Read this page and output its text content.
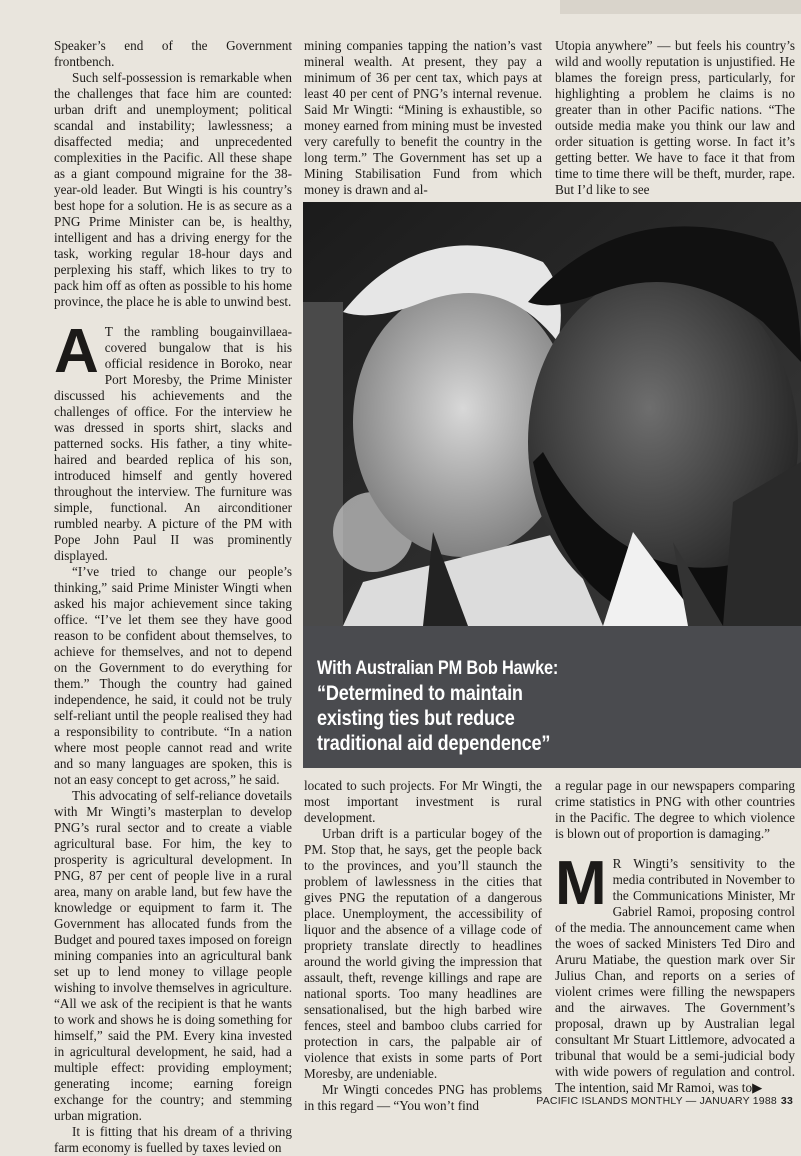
Speaker’s end of the Government frontbench.

Such self-possession is remarkable when the challenges that face him are counted: urban drift and unemployment; political scandal and instability; lawlessness; a disaffected media; and unprecedented complexities in the Pacific. All these shape as a giant compound migraine for the 38-year-old leader. But Wingti is his country’s best hope for a solution. He is as secure as a PNG Prime Minister can be, is healthy, intelligent and has a driving energy for the task, working regular 18-hour days and perplexing his staff, which likes to try to pack him off as often as possible to his home province, the place he is able to unwind best.

A T the rambling bougainvillaea-covered bungalow that is his official residence in Boroko, near Port Moresby, the Prime Minister discussed his achievements and the challenges of office. For the interview he was dressed in sports shirt, slacks and patterned socks. His father, a tiny white-haired and bearded replica of his son, introduced himself and gently hovered throughout the interview. The furniture was simple, functional. An airconditioner rumbled nearby. A picture of the PM with Pope John Paul II was prominently displayed.

“I’ve tried to change our people’s thinking,” said Prime Minister Wingti when asked his major achievement since taking office. “I’ve let them see they have good reason to be confident about themselves, to achieve for themselves, and not to depend on the Government to do everything for them.” Though the country had gained independence, he said, it could not be truly self-reliant until the people realised they had a responsibility to contribute. “In a nation where most people cannot read and write and so many languages are spoken, this is not an easy concept to get across,” he said.

This advocating of self-reliance dovetails with Mr Wingti’s masterplan to develop PNG’s rural sector and to create a viable agricultural base. For him, the key to prosperity is agricultural development. In PNG, 87 per cent of people live in a rural area, many on arable land, but few have the knowledge or equipment to farm it. The Government has allocated funds from the Budget and poured taxes imposed on foreign mining companies into an agricultural bank set up to lend money to village people wishing to involve themselves in agriculture. “All we ask of the recipient is that he wants to work and shows he is doing something for himself,” said the PM. Every kina invested in agricultural development, he said, had a multiple effect: providing employment; generating income; earning foreign exchange for the country; and stemming urban migration.

It is fitting that his dream of a thriving farm economy is fuelled by taxes levied on

mining companies tapping the nation’s vast mineral wealth. At present, they pay a minimum of 36 per cent tax, which pays at least 40 per cent of PNG’s internal revenue. Said Mr Wingti: “Mining is exhaustible, so money earned from mining must be invested very carefully to benefit the country in the long term.” The Government has set up a Mining Stabilisation Fund from which money is drawn and al-

Utopia anywhere” — but feels his country’s wild and woolly reputation is unjustified. He blames the foreign press, particularly, for highlighting a problem he claims is no greater than in other Pacific nations. “The outside media make you think our law and order situation is getting worse. In fact it’s getting better. We have to face it that from time to time there will be theft, murder, rape. But I’d like to see

With Australian PM Bob Hawke:
“Determined to maintain
existing ties but reduce
traditional aid dependence”

located to such projects. For Mr Wingti, the most important investment is rural development.

Urban drift is a particular bogey of the PM. Stop that, he says, get the people back to the provinces, and you’ll staunch the problem of lawlessness in the cities that gives PNG the reputation of a dangerous place. Unemployment, the accessibility of liquor and the absence of a village code of propriety translate directly to headlines around the world giving the impression that assault, theft, revenge killings and rape are national sports. Too many headlines are sensationalised, but the high barbed wire fences, steel and bamboo clubs carried for protection in cars, the palpable air of violence that exists in some parts of Port Moresby, are undeniable.

Mr Wingti concedes PNG has problems in this regard — “You won’t find

a regular page in our newspapers comparing crime statistics in PNG with other countries in the Pacific. The degree to which violence is blown out of proportion is damaging.”

M R Wingti’s sensitivity to the media contributed in November to the Communications Minister, Mr Gabriel Ramoi, proposing control of the media. The announcement came when the woes of sacked Ministers Ted Diro and Aruru Matiabe, the question mark over Sir Julius Chan, and reports on a series of violent crimes were filling the newspapers and the airwaves. The Government’s proposal, drawn up by Australian legal consultant Mr Stuart Littlemore, advocated a tribunal that would be a semi-judicial body with wide powers of regulation and control. The intention, said Mr Ramoi, was to▶

PACIFIC ISLANDS MONTHLY — JANUARY 1988 33
